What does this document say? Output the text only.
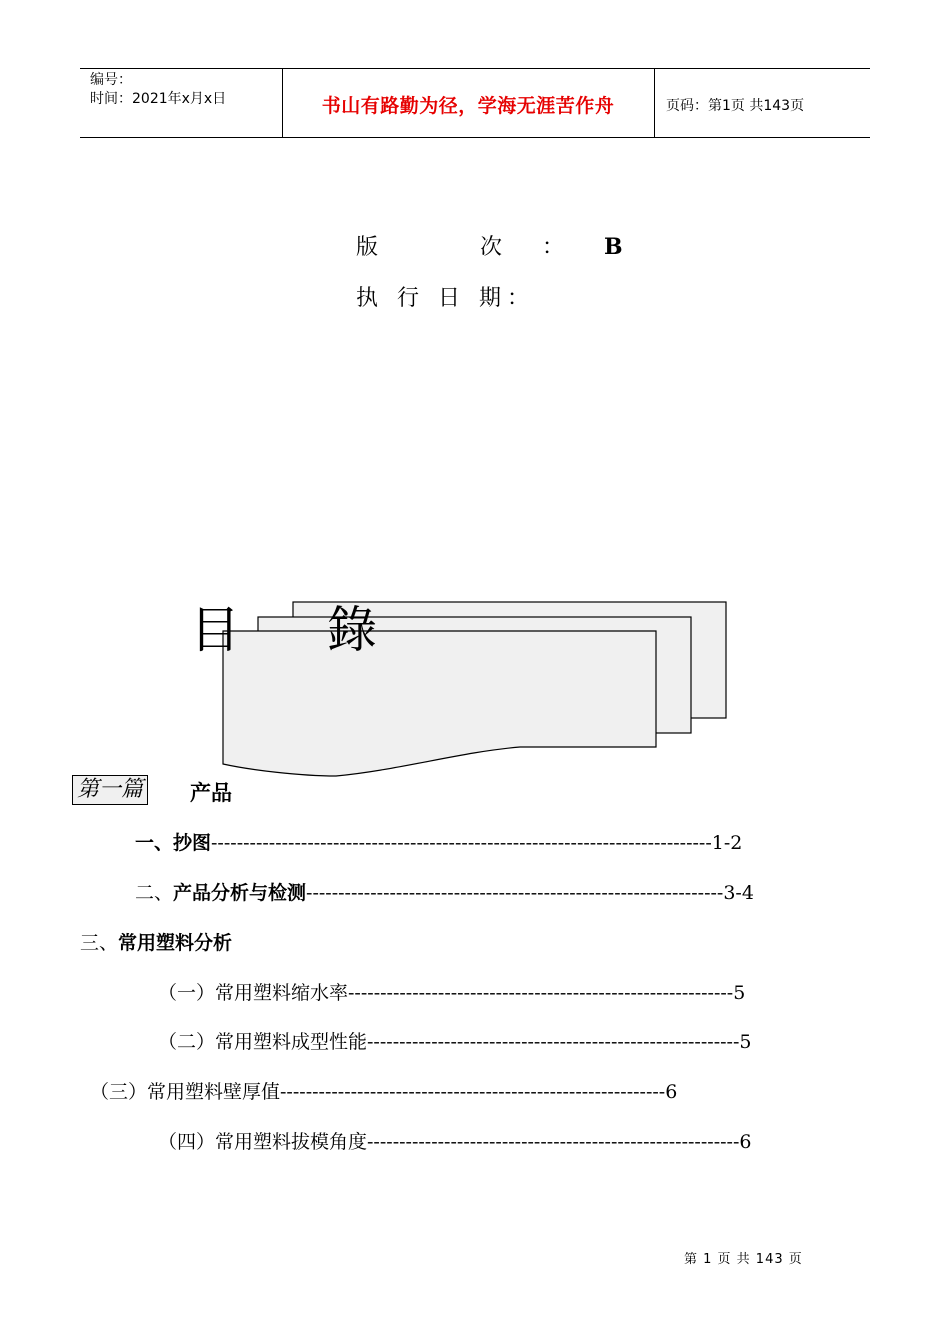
编号：
时间：2021年x月x日	书山有路勤为径，学海无涯苦作舟	页码：第1页 共143页
版　次：B
执 行 日 期：
目 錄
第一篇 产品
一、抄图------------------------------------------------------------------------------1-2
二、产品分析与检测-----------------------------------------------------------------3-4
三、常用塑料分析
（一）常用塑料缩水率------------------------------------------------------------5
（二）常用塑料成型性能----------------------------------------------------------5
（三）常用塑料壁厚值------------------------------------------------------------6
（四）常用塑料拔模角度----------------------------------------------------------6
第 1 页 共 143 页
